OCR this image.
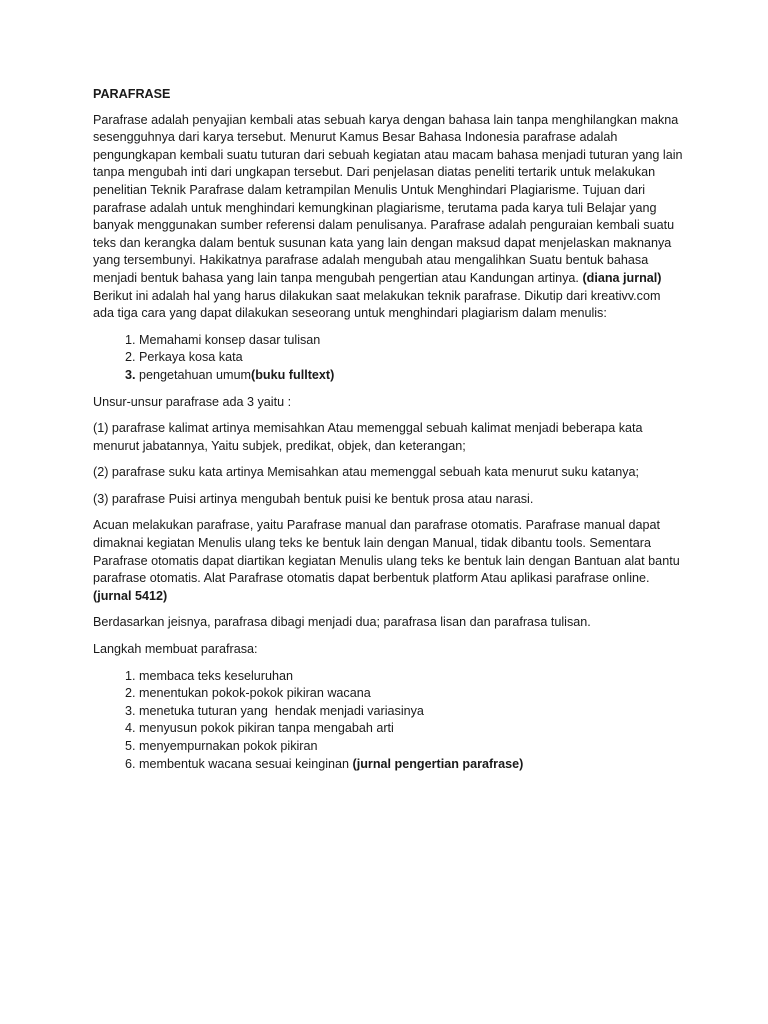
PARAFRASE

Parafrase adalah penyajian kembali atas sebuah karya dengan bahasa lain tanpa menghilangkan makna sesengguhnya dari karya tersebut. Menurut Kamus Besar Bahasa Indonesia parafrase adalah pengungkapan kembali suatu tuturan dari sebuah kegiatan atau macam bahasa menjadi tuturan yang lain tanpa mengubah inti dari ungkapan tersebut. Dari penjelasan diatas peneliti tertarik untuk melakukan penelitian Teknik Parafrase dalam ketrampilan Menulis Untuk Menghindari Plagiarisme. Tujuan dari parafrase adalah untuk menghindari kemungkinan plagiarisme, terutama pada karya tuli Belajar yang banyak menggunakan sumber referensi dalam penulisanya. Parafrase adalah penguraian kembali suatu teks dan kerangka dalam bentuk susunan kata yang lain dengan maksud dapat menjelaskan maknanya yang tersembunyi. Hakikatnya parafrase adalah mengubah atau mengalihkan Suatu bentuk bahasa menjadi bentuk bahasa yang lain tanpa mengubah pengertian atau Kandungan artinya. (diana jurnal) Berikut ini adalah hal yang harus dilakukan saat melakukan teknik parafrase. Dikutip dari kreativv.com ada tiga cara yang dapat dilakukan seseorang untuk menghindari plagiarism dalam menulis:

1. Memahami konsep dasar tulisan
2. Perkaya kosa kata
3. pengetahuan umum(buku fulltext)

Unsur-unsur parafrase ada 3 yaitu :

(1) parafrase kalimat artinya memisahkan Atau memenggal sebuah kalimat menjadi beberapa kata menurut jabatannya, Yaitu subjek, predikat, objek, dan keterangan;

(2) parafrase suku kata artinya Memisahkan atau memenggal sebuah kata menurut suku katanya;

(3) parafrase Puisi artinya mengubah bentuk puisi ke bentuk prosa atau narasi.

Acuan melakukan parafrase, yaitu Parafrase manual dan parafrase otomatis. Parafrase manual dapat dimaknai kegiatan Menulis ulang teks ke bentuk lain dengan Manual, tidak dibantu tools. Sementara Parafrase otomatis dapat diartikan kegiatan Menulis ulang teks ke bentuk lain dengan Bantuan alat bantu parafrase otomatis. Alat Parafrase otomatis dapat berbentuk platform Atau aplikasi parafrase online. (jurnal 5412)

Berdasarkan jeisnya, parafrasa dibagi menjadi dua; parafrasa lisan dan parafrasa tulisan.

Langkah membuat parafrasa:

1. membaca teks keseluruhan
2. menentukan pokok-pokok pikiran wacana
3. menetuka tuturan yang  hendak menjadi variasinya
4. menyusun pokok pikiran tanpa mengabah arti
5. menyempurnakan pokok pikiran
6. membentuk wacana sesuai keinginan (jurnal pengertian parafrase)
